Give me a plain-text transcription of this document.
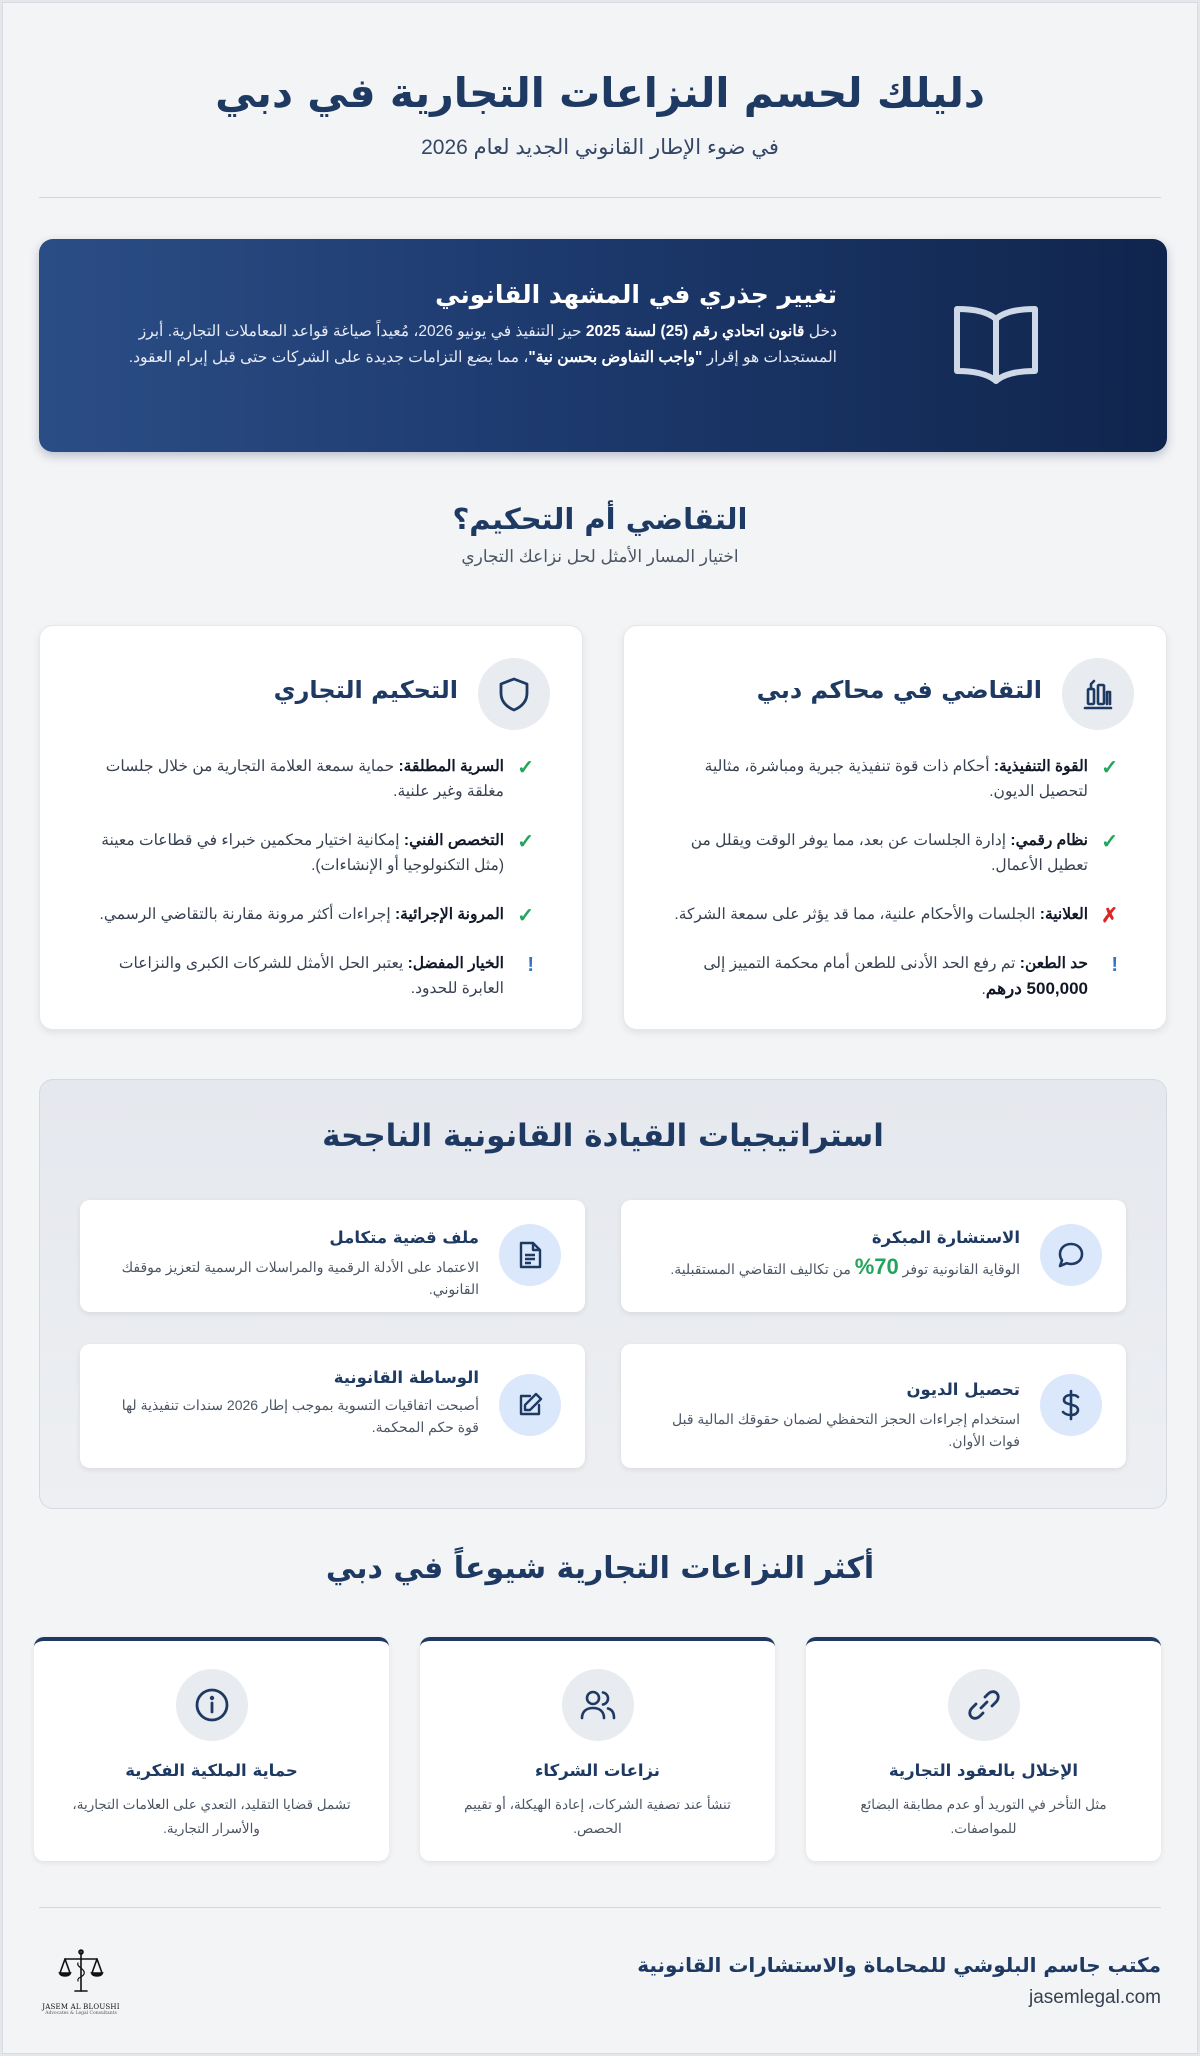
دليلك لحسم النزاعات التجارية في دبي
في ضوء الإطار القانوني الجديد لعام 2026
تغيير جذري في المشهد القانوني

دخل قانون اتحادي رقم (25) لسنة 2025 حيز التنفيذ في يونيو 2026، مُعيداً صياغة قواعد المعاملات التجارية. أبرز المستجدات هو إقرار "واجب التفاوض بحسن نية"، مما يضع التزامات جديدة على الشركات حتى قبل إبرام العقود.

التقاضي أم التحكيم؟
اختيار المسار الأمثل لحل نزاعك التجاري
التقاضي في محاكم دبي
✓
القوة التنفيذية: أحكام ذات قوة تنفيذية جبرية ومباشرة، مثالية لتحصيل الديون.
✓
نظام رقمي: إدارة الجلسات عن بعد، مما يوفر الوقت ويقلل من تعطيل الأعمال.
✗
العلانية: الجلسات والأحكام علنية، مما قد يؤثر على سمعة الشركة.
!
حد الطعن: تم رفع الحد الأدنى للطعن أمام محكمة التمييز إلى 500,000 درهم.
التحكيم التجاري
✓
السرية المطلقة: حماية سمعة العلامة التجارية من خلال جلسات مغلقة وغير علنية.
✓
التخصص الفني: إمكانية اختيار محكمين خبراء في قطاعات معينة (مثل التكنولوجيا أو الإنشاءات).
✓
المرونة الإجرائية: إجراءات أكثر مرونة مقارنة بالتقاضي الرسمي.
!
الخيار المفضل: يعتبر الحل الأمثل للشركات الكبرى والنزاعات العابرة للحدود.
استراتيجيات القيادة القانونية الناجحة
الاستشارة المبكرة
الوقاية القانونية توفر 70% من تكاليف التقاضي المستقبلية.
ملف قضية متكامل
الاعتماد على الأدلة الرقمية والمراسلات الرسمية لتعزيز موقفك القانوني.
تحصيل الديون
استخدام إجراءات الحجز التحفظي لضمان حقوقك المالية قبل فوات الأوان.
الوساطة القانونية
أصبحت اتفاقيات التسوية بموجب إطار 2026 سندات تنفيذية لها قوة حكم المحكمة.
أكثر النزاعات التجارية شيوعاً في دبي
الإخلال بالعقود التجارية
مثل التأخر في التوريد أو عدم مطابقة البضائع للمواصفات.
نزاعات الشركاء
تنشأ عند تصفية الشركات، إعادة الهيكلة، أو تقييم الحصص.
حماية الملكية الفكرية
تشمل قضايا التقليد، التعدي على العلامات التجارية، والأسرار التجارية.
مكتب جاسم البلوشي للمحاماة والاستشارات القانونية
jasemlegal.com
JASEM AL BLOUSHI
Advocates & Legal Consultants
